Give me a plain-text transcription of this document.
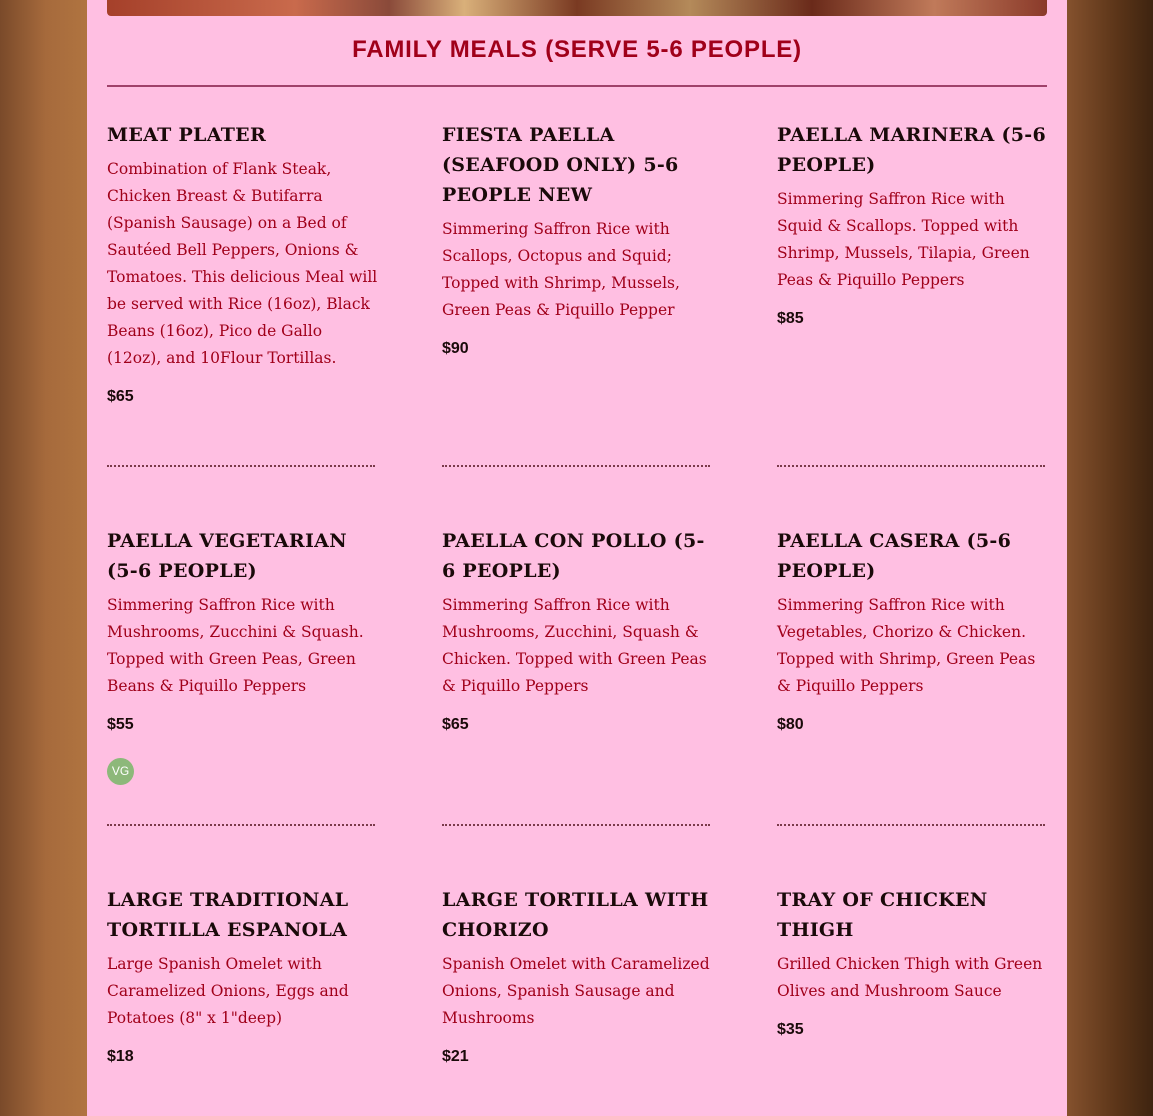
FAMILY MEALS (SERVE 5-6 PEOPLE)
MEAT PLATER
Combination of Flank Steak, Chicken Breast & Butifarra (Spanish Sausage) on a Bed of Sautéed Bell Peppers, Onions & Tomatoes. This delicious Meal will be served with Rice (16oz), Black Beans (16oz), Pico de Gallo (12oz), and 10Flour Tortillas.
$65
FIESTA PAELLA (SEAFOOD ONLY) 5-6 PEOPLE NEW
Simmering Saffron Rice with Scallops, Octopus and Squid; Topped with Shrimp, Mussels, Green Peas & Piquillo Pepper
$90
PAELLA MARINERA (5-6 PEOPLE)
Simmering Saffron Rice with Squid & Scallops. Topped with Shrimp, Mussels, Tilapia, Green Peas & Piquillo Peppers
$85
PAELLA VEGETARIAN (5-6 PEOPLE)
Simmering Saffron Rice with Mushrooms, Zucchini & Squash. Topped with Green Peas, Green Beans & Piquillo Peppers
$55
VG
PAELLA CON POLLO (5-6 PEOPLE)
Simmering Saffron Rice with Mushrooms, Zucchini, Squash & Chicken. Topped with Green Peas & Piquillo Peppers
$65
PAELLA CASERA (5-6 PEOPLE)
Simmering Saffron Rice with Vegetables, Chorizo & Chicken. Topped with Shrimp, Green Peas & Piquillo Peppers
$80
LARGE TRADITIONAL TORTILLA ESPANOLA
Large Spanish Omelet with Caramelized Onions, Eggs and Potatoes (8" x 1"deep)
$18
LARGE TORTILLA WITH CHORIZO
Spanish Omelet with Caramelized Onions, Spanish Sausage and Mushrooms
$21
TRAY OF CHICKEN THIGH
Grilled Chicken Thigh with Green Olives and Mushroom Sauce
$35
